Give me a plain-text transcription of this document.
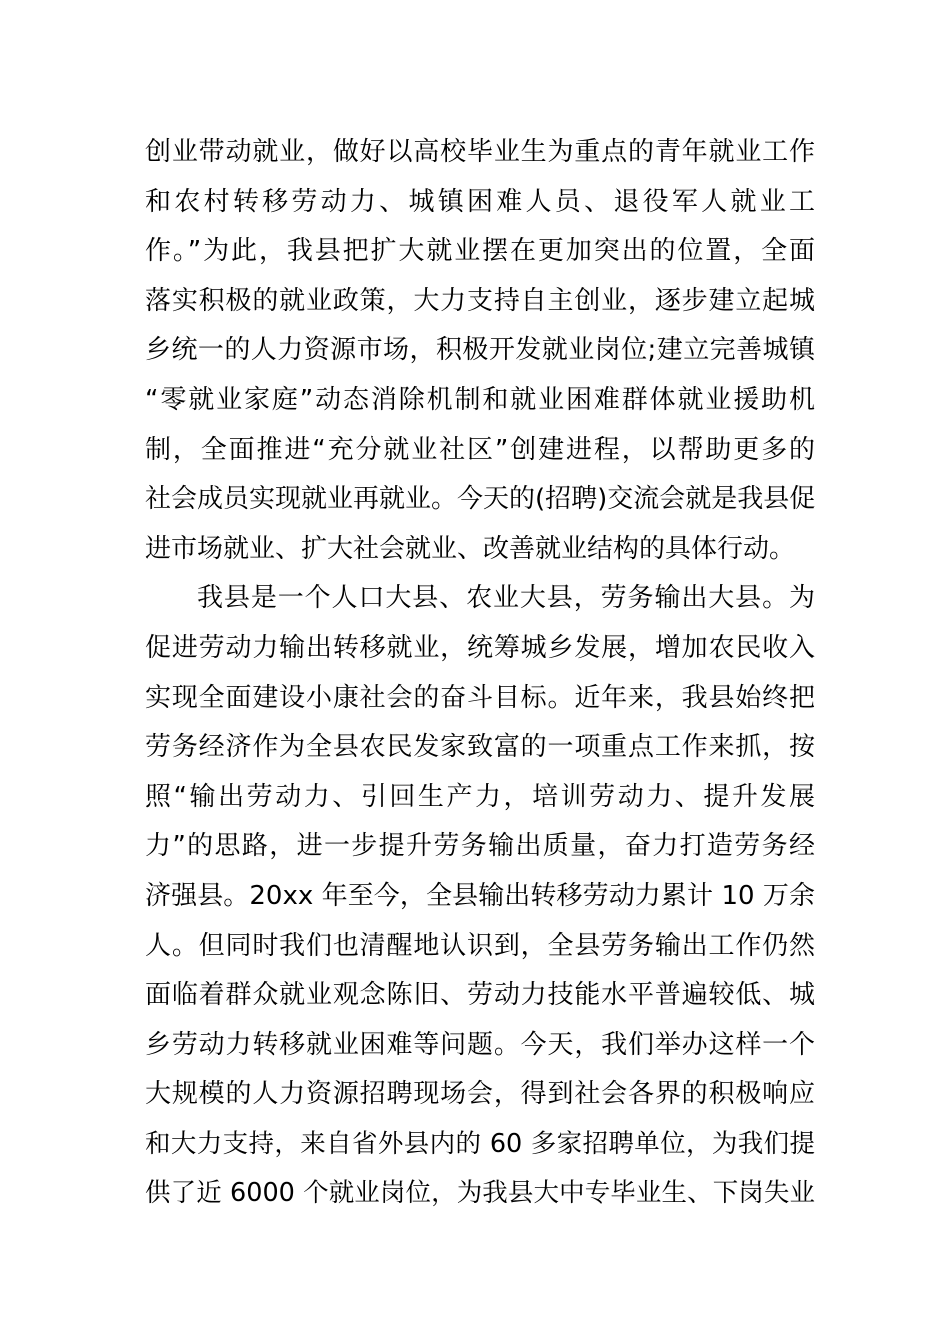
创业带动就业，做好以高校毕业生为重点的青年就业工作
和农村转移劳动力、城镇困难人员、退役军人就业工
作。”为此，我县把扩大就业摆在更加突出的位置，全面
落实积极的就业政策，大力支持自主创业，逐步建立起城
乡统一的人力资源市场，积极开发就业岗位;建立完善城镇
“零就业家庭”动态消除机制和就业困难群体就业援助机
制，全面推进“充分就业社区”创建进程，以帮助更多的
社会成员实现就业再就业。今天的(招聘)交流会就是我县促
进市场就业、扩大社会就业、改善就业结构的具体行动。
我县是一个人口大县、农业大县，劳务输出大县。为
促进劳动力输出转移就业，统筹城乡发展，增加农民收入
实现全面建设小康社会的奋斗目标。近年来，我县始终把
劳务经济作为全县农民发家致富的一项重点工作来抓，按
照“输出劳动力、引回生产力，培训劳动力、提升发展
力”的思路，进一步提升劳务输出质量，奋力打造劳务经
济强县。20xx 年至今，全县输出转移劳动力累计 10 万余
人。但同时我们也清醒地认识到，全县劳务输出工作仍然
面临着群众就业观念陈旧、劳动力技能水平普遍较低、城
乡劳动力转移就业困难等问题。今天，我们举办这样一个
大规模的人力资源招聘现场会，得到社会各界的积极响应
和大力支持，来自省外县内的 60 多家招聘单位，为我们提
供了近 6000 个就业岗位，为我县大中专毕业生、下岗失业
